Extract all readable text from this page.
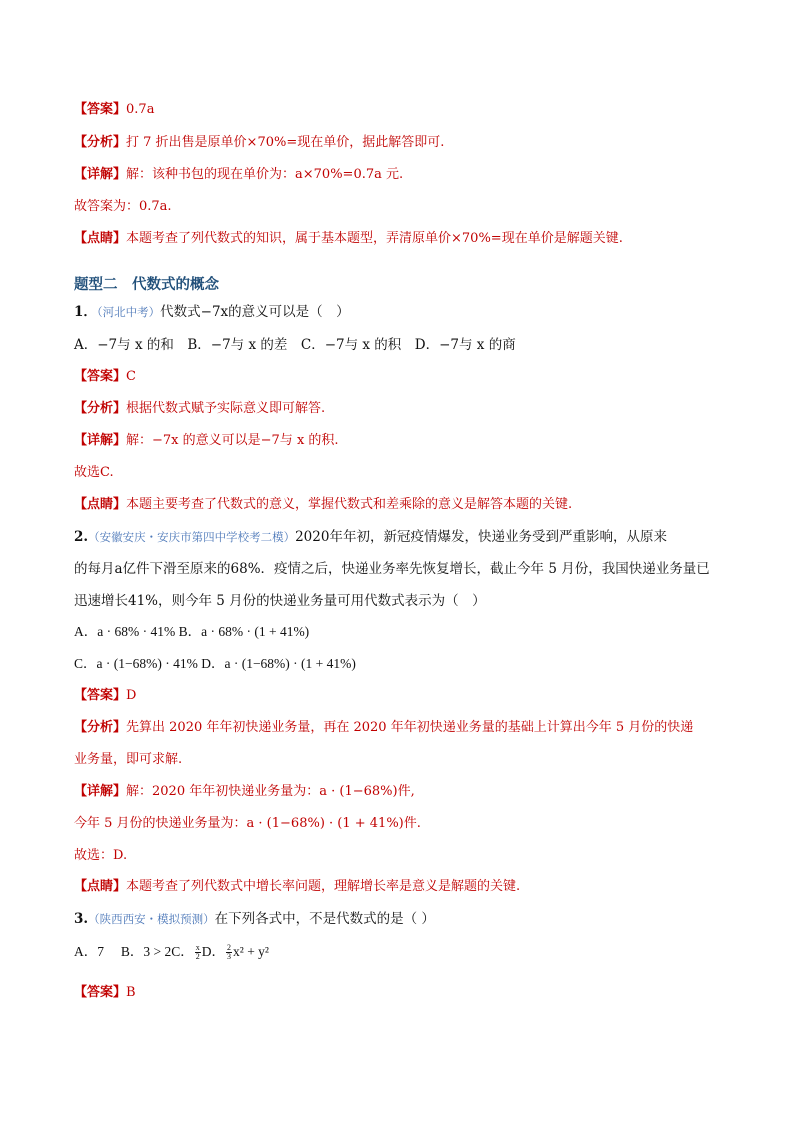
【答案】0.7a
【分析】打 7 折出售是原单价×70%=现在单价，据此解答即可.
【详解】解：该种书包的现在单价为：a×70%=0.7a 元.
故答案为：0.7a.
【点睛】本题考查了列代数式的知识，属于基本题型，弄清原单价×70%=现在单价是解题关键.
题型二　代数式的概念
1．（河北中考）代数式−7x的意义可以是（　）
A．−7与 x 的和　B．−7与 x 的差　C．−7与 x 的积　D．−7与 x 的商
【答案】C
【分析】根据代数式赋予实际意义即可解答.
【详解】解：−7x 的意义可以是−7与 x 的积.
故选C.
【点睛】本题主要考查了代数式的意义，掌握代数式和差乘除的意义是解答本题的关键.
2.（安徽安庆・安庆市第四中学校考二模）2020年年初，新冠疫情爆发，快递业务受到严重影响，从原来
的每月a亿件下滑至原来的68%．疫情之后，快递业务率先恢复增长，截止今年 5 月份，我国快递业务量已
迅速增长41%，则今年 5 月份的快递业务量可用代数式表示为（　）
A．a · 68% · 41% B．a · 68% · (1 + 41%)
C．a · (1−68%) · 41% D．a · (1−68%) · (1 + 41%)
【答案】D
【分析】先算出 2020 年年初快递业务量，再在 2020 年年初快递业务量的基础上计算出今年 5 月份的快递
业务量，即可求解.
【详解】解：2020 年年初快递业务量为：a · (1−68%)件,
今年 5 月份的快递业务量为：a · (1−68%) · (1 + 41%)件.
故选：D.
【点睛】本题考查了列代数式中增长率问题，理解增长率是意义是解题的关键.
3.（陕西西安・模拟预测）在下列各式中，不是代数式的是（ ）
A．7　 B．3 > 2C． $\frac{x}{2}$ D． $\frac{2}{3} x^2 + y^2$
【答案】B
